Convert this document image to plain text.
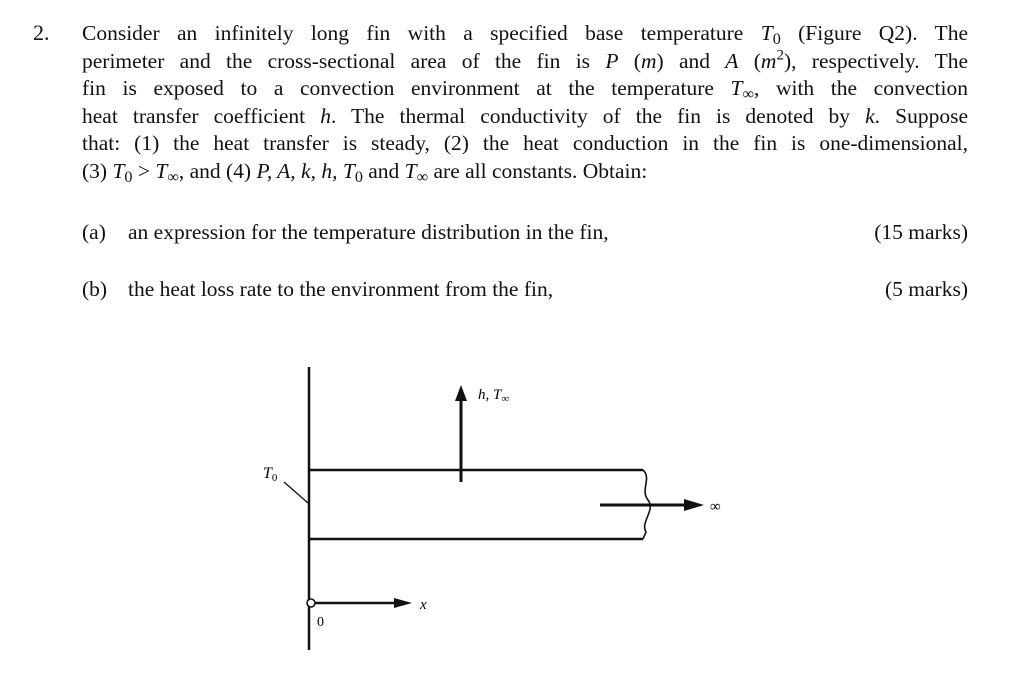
2. Consider an infinitely long fin with a specified base temperature $T_0$ (Figure Q2). The
perimeter and the cross-sectional area of the fin is P (m) and A $(m^2)$, respectively. The
fin is exposed to a convection environment at the temperature $T_\infty$, with the convection
heat transfer coefficient h. The thermal conductivity of the fin is denoted by k. Suppose
that: (1) the heat transfer is steady, (2) the heat conduction in the fin is one-dimensional,
(3) $T_0 > T_\infty$, and (4) P, A, k, h, $T_0$ and $T_\infty$ are all constants. Obtain:
(a) an expression for the temperature distribution in the fin,	(15 marks)
(b) the heat loss rate to the environment from the fin,	(5 marks)
h, $T_\infty$
T0
∞
x
0
